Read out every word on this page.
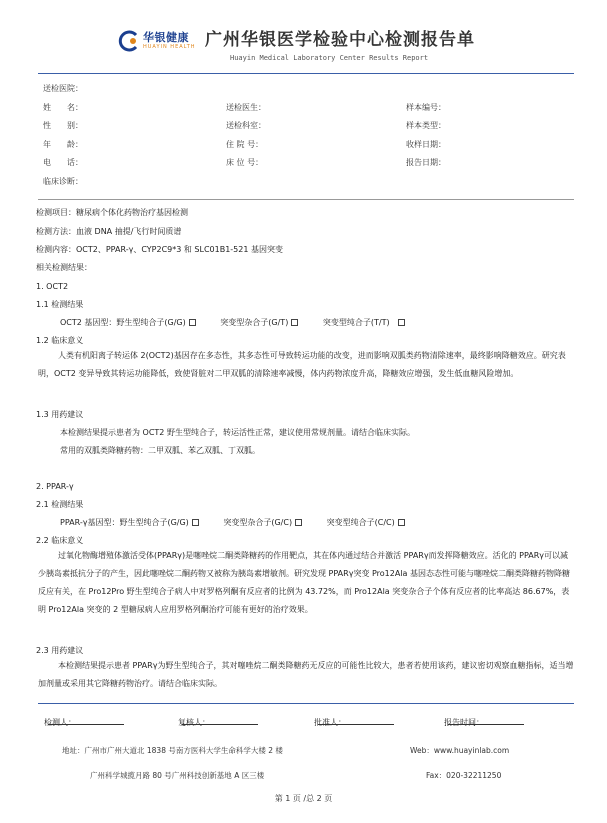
华银健康
HUAYIN HEALTH 广州华银医学检验中心检测报告单
Huayin Medical Laboratory Center Results Report
送检医院：
姓　　名：	送检医生：	样本编号：
性　　别：	送检科室：	样本类型：
年　　龄：	住 院 号：	收样日期：
电　　话：	床 位 号：	报告日期：
临床诊断：
检测项目：糖尿病个体化药物治疗基因检测
检测方法：血液 DNA 抽提/飞行时间质谱
检测内容：OCT2、PPAR-γ、CYP2C9*3 和 SLC01B1-521 基因突变
相关检测结果：
1. OCT2
1.1 检测结果
OCT2 基因型：野生型纯合子(G/G)	突变型杂合子(G/T)	突变型纯合子(T/T)
1.2 临床意义
人类有机阳离子转运体 2(OCT2)基因存在多态性，其多态性可导致转运功能的改变，进而影响双胍类药物清除速率，最终影响降糖效应。研究表明，OCT2 变异导致其转运功能降低，致使肾脏对二甲双胍的清除速率减慢，体内药物浓度升高，降糖效应增强，发生低血糖风险增加。
1.3 用药建议
本检测结果提示患者为 OCT2 野生型纯合子，转运活性正常，建议使用常规剂量。请结合临床实际。
常用的双胍类降糖药物：二甲双胍、苯乙双胍、丁双胍。
2. PPAR-γ
2.1 检测结果
PPAR-γ基因型：野生型纯合子(G/G)	突变型杂合子(G/C)	突变型纯合子(C/C)
2.2 临床意义
过氧化物酶增殖体激活受体(PPARγ)是噻唑烷二酮类降糖药的作用靶点，其在体内通过结合并激活 PPARγ而发挥降糖效应。活化的 PPARγ可以减少胰岛素抵抗分子的产生，因此噻唑烷二酮药物又被称为胰岛素增敏剂。研究发现 PPARγ突变 Pro12Ala 基因态态性可能与噻唑烷二酮类降糖药物降糖反应有关，在 Pro12Pro 野生型纯合子病人中对罗格列酮有反应者的比例为 43.72%，而 Pro12Ala 突变杂合子个体有反应者的比率高达 86.67%，表明 Pro12Ala 突变的 2 型糖尿病人应用罗格列酮治疗可能有更好的治疗效果。
2.3 用药建议
本检测结果提示患者 PPARγ为野生型纯合子，其对噻唑烷二酮类降糖药无反应的可能性比较大，患者若使用该药，建议密切观察血糖指标，适当增加剂量或采用其它降糖药物治疗。请结合临床实际。
检测人：	复核人：	批准人：	报告时间：
地址：广州市广州大道北 1838 号南方医科大学生命科学大楼 2 楼	Web：www.huayinlab.com
广州科学城揽月路 80 号广州科技创新基地 A 区三楼	Fax：020-32211250
第 1 页 /总 2 页
